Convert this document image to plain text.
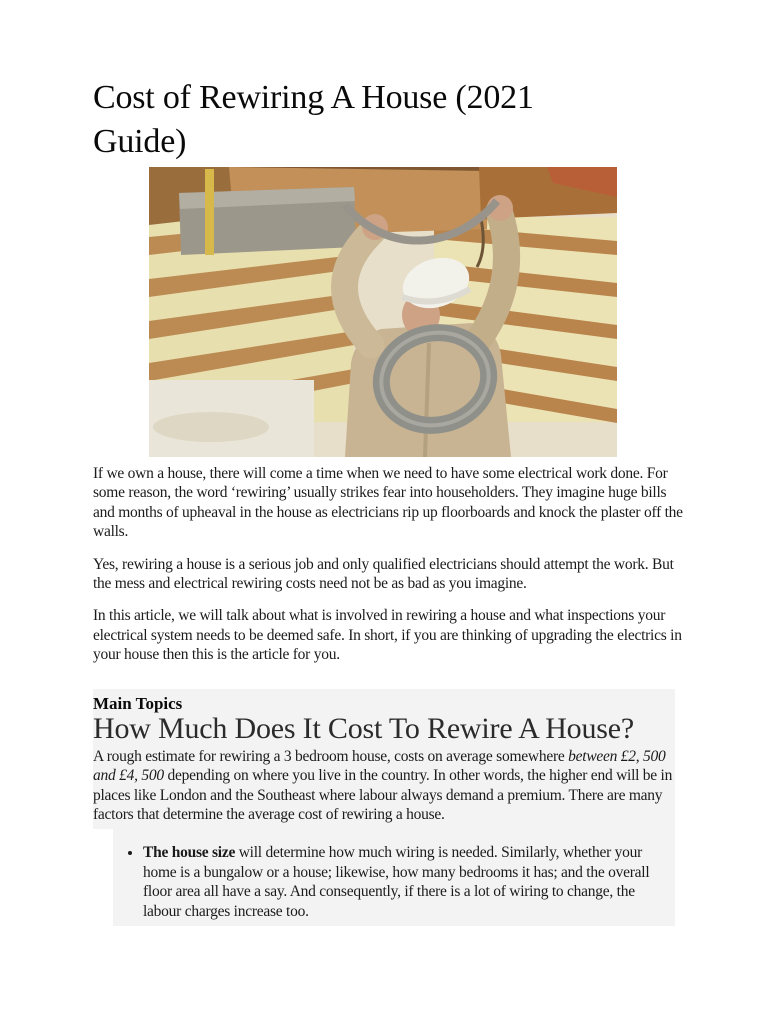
Cost of Rewiring A House (2021 Guide)

If we own a house, there will come a time when we need to have some electrical work done. For some reason, the word ‘rewiring’ usually strikes fear into householders. They imagine huge bills and months of upheaval in the house as electricians rip up floorboards and knock the plaster off the walls.

Yes, rewiring a house is a serious job and only qualified electricians should attempt the work. But the mess and electrical rewiring costs need not be as bad as you imagine.

In this article, we will talk about what is involved in rewiring a house and what inspections your electrical system needs to be deemed safe. In short, if you are thinking of upgrading the electrics in your house then this is the article for you.

Main Topics
How Much Does It Cost To Rewire A House?

A rough estimate for rewiring a 3 bedroom house, costs on average somewhere between £2, 500 and £4, 500 depending on where you live in the country. In other words, the higher end will be in places like London and the Southeast where labour always demand a premium. There are many factors that determine the average cost of rewiring a house.

• The house size will determine how much wiring is needed. Similarly, whether your home is a bungalow or a house; likewise, how many bedrooms it has; and the overall floor area all have a say. And consequently, if there is a lot of wiring to change, the labour charges increase too.
